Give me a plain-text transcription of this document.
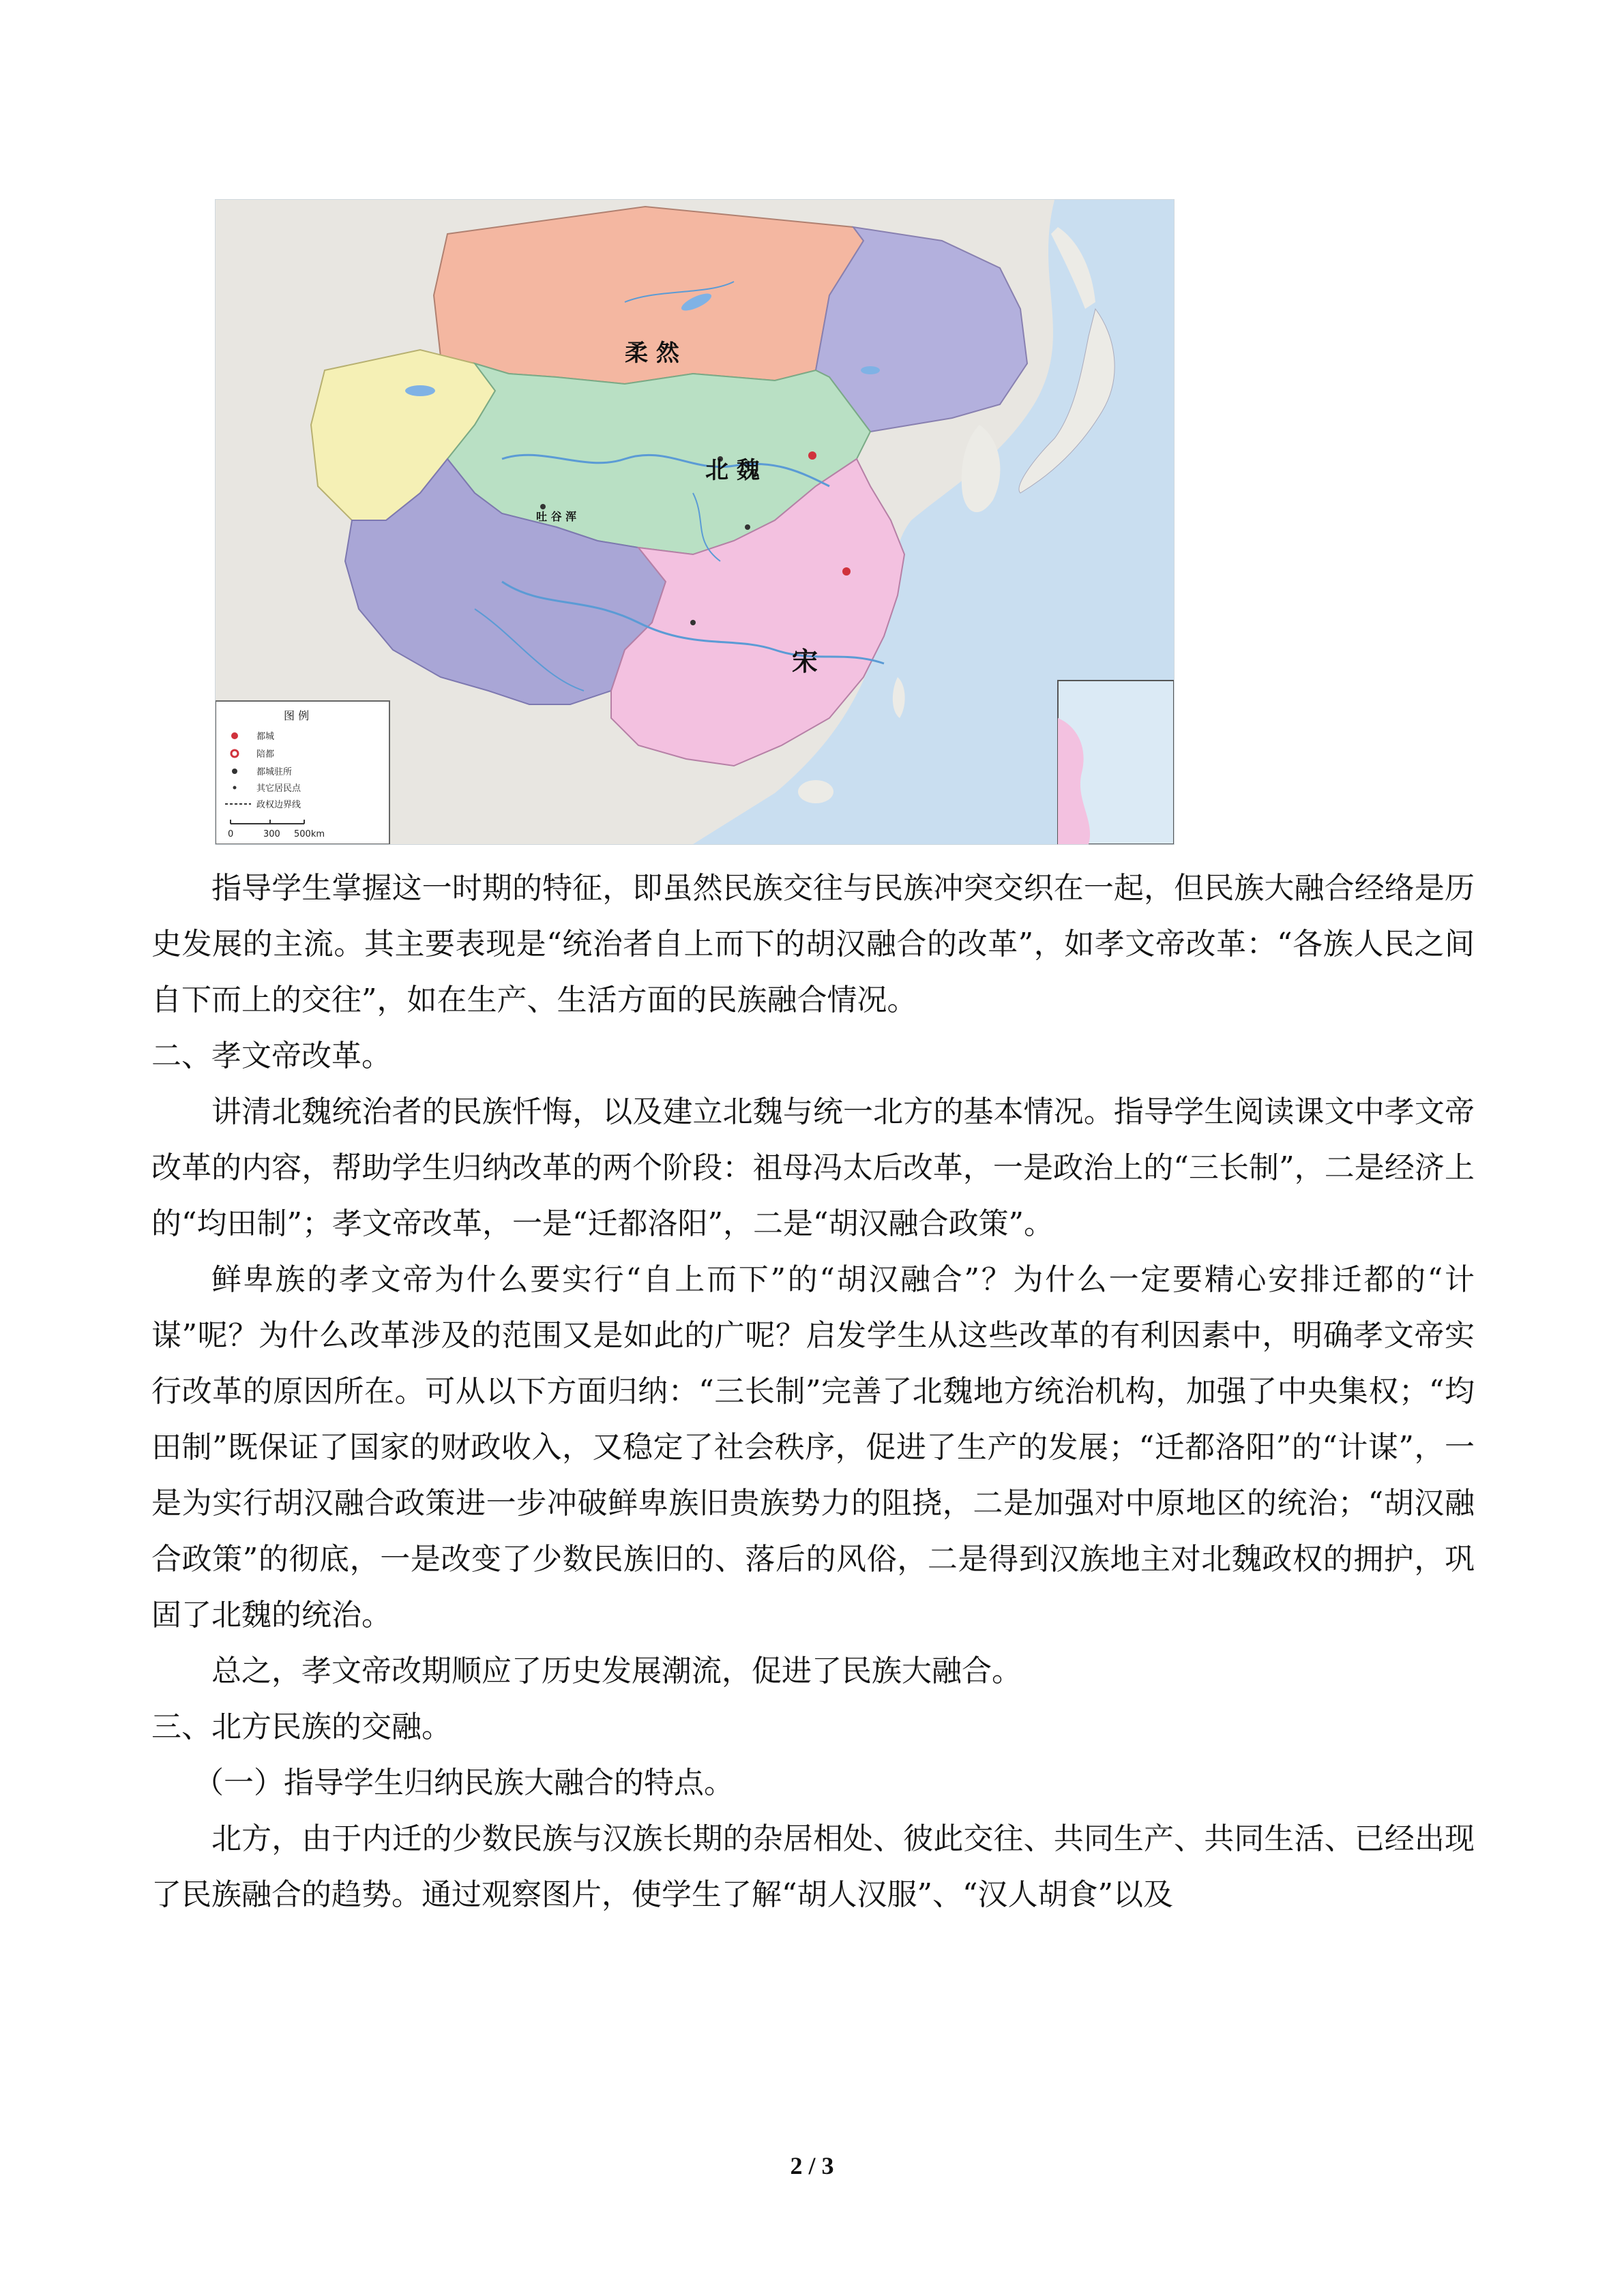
柔 然
北 魏
宋
吐 谷 浑
图 例
都城
陪都
都城驻所
其它居民点
政权边界线
0	300 500km

指导学生掌握这一时期的特征，即虽然民族交往与民族冲突交织在一起，但民族大融合经络是历史发展的主流。其主要表现是“统治者自上而下的胡汉融合的改革”，如孝文帝改革：“各族人民之间自下而上的交往”，如在生产、生活方面的民族融合情况。

二、孝文帝改革。

讲清北魏统治者的民族忏悔，以及建立北魏与统一北方的基本情况。指导学生阅读课文中孝文帝改革的内容，帮助学生归纳改革的两个阶段：祖母冯太后改革，一是政治上的“三长制”，二是经济上的“均田制”；孝文帝改革，一是“迁都洛阳”，二是“胡汉融合政策”。

鲜卑族的孝文帝为什么要实行“自上而下”的“胡汉融合”？为什么一定要精心安排迁都的“计谋”呢？为什么改革涉及的范围又是如此的广呢？启发学生从这些改革的有利因素中，明确孝文帝实行改革的原因所在。可从以下方面归纳：“三长制”完善了北魏地方统治机构，加强了中央集权；“均田制”既保证了国家的财政收入，又稳定了社会秩序，促进了生产的发展；“迁都洛阳”的“计谋”，一是为实行胡汉融合政策进一步冲破鲜卑族旧贵族势力的阻挠，二是加强对中原地区的统治；“胡汉融合政策”的彻底，一是改变了少数民族旧的、落后的风俗，二是得到汉族地主对北魏政权的拥护，巩固了北魏的统治。

总之，孝文帝改期顺应了历史发展潮流，促进了民族大融合。

三、北方民族的交融。

（一）指导学生归纳民族大融合的特点。

北方，由于内迁的少数民族与汉族长期的杂居相处、彼此交往、共同生产、共同生活、已经出现了民族融合的趋势。通过观察图片，使学生了解“胡人汉服”、“汉人胡食”以及

2 / 3
